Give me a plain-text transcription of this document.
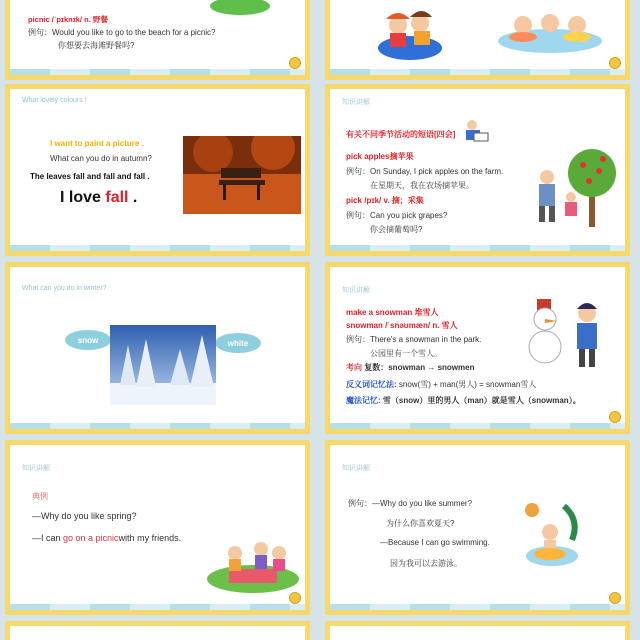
picnic /ˈpɪknɪk/ n. 野餐
例句：Would you like to go to the beach for a picnic?
你想要去海滩野餐吗?
What lovely colours !
I want to paint a picture .
What can you do in autumn?
The leaves fall and fall and fall .
I love fall .
知识讲解
有关不同季节活动的短语[四会]
pick apples摘苹果
例句：On Sunday, I pick apples on the farm.
在星期天，我在农场摘苹果。
pick /pɪk/ v. 摘；采集
例句：Can you pick grapes?
你会摘葡萄吗?
What can you do in winter?
snow	white
知识讲解
make a snowman 堆雪人
snowman /ˈsnəʊmæn/ n. 雪人
例句：There's a snowman in the park.
公园里有一个雪人。
考向 复数：snowman → snowmen
反义词记忆法: snow(雪) + man(男人) = snowman雪人
魔法记忆: 雪（snow）里的男人（man）就是雪人（snowman）。
知识讲解
典例
—Why do you like spring?
—I can go on a picnicwith my friends.
知识讲解
例句：—Why do you like summer?
为什么你喜欢夏天?
—Because I can go swimming.
因为我可以去游泳。
